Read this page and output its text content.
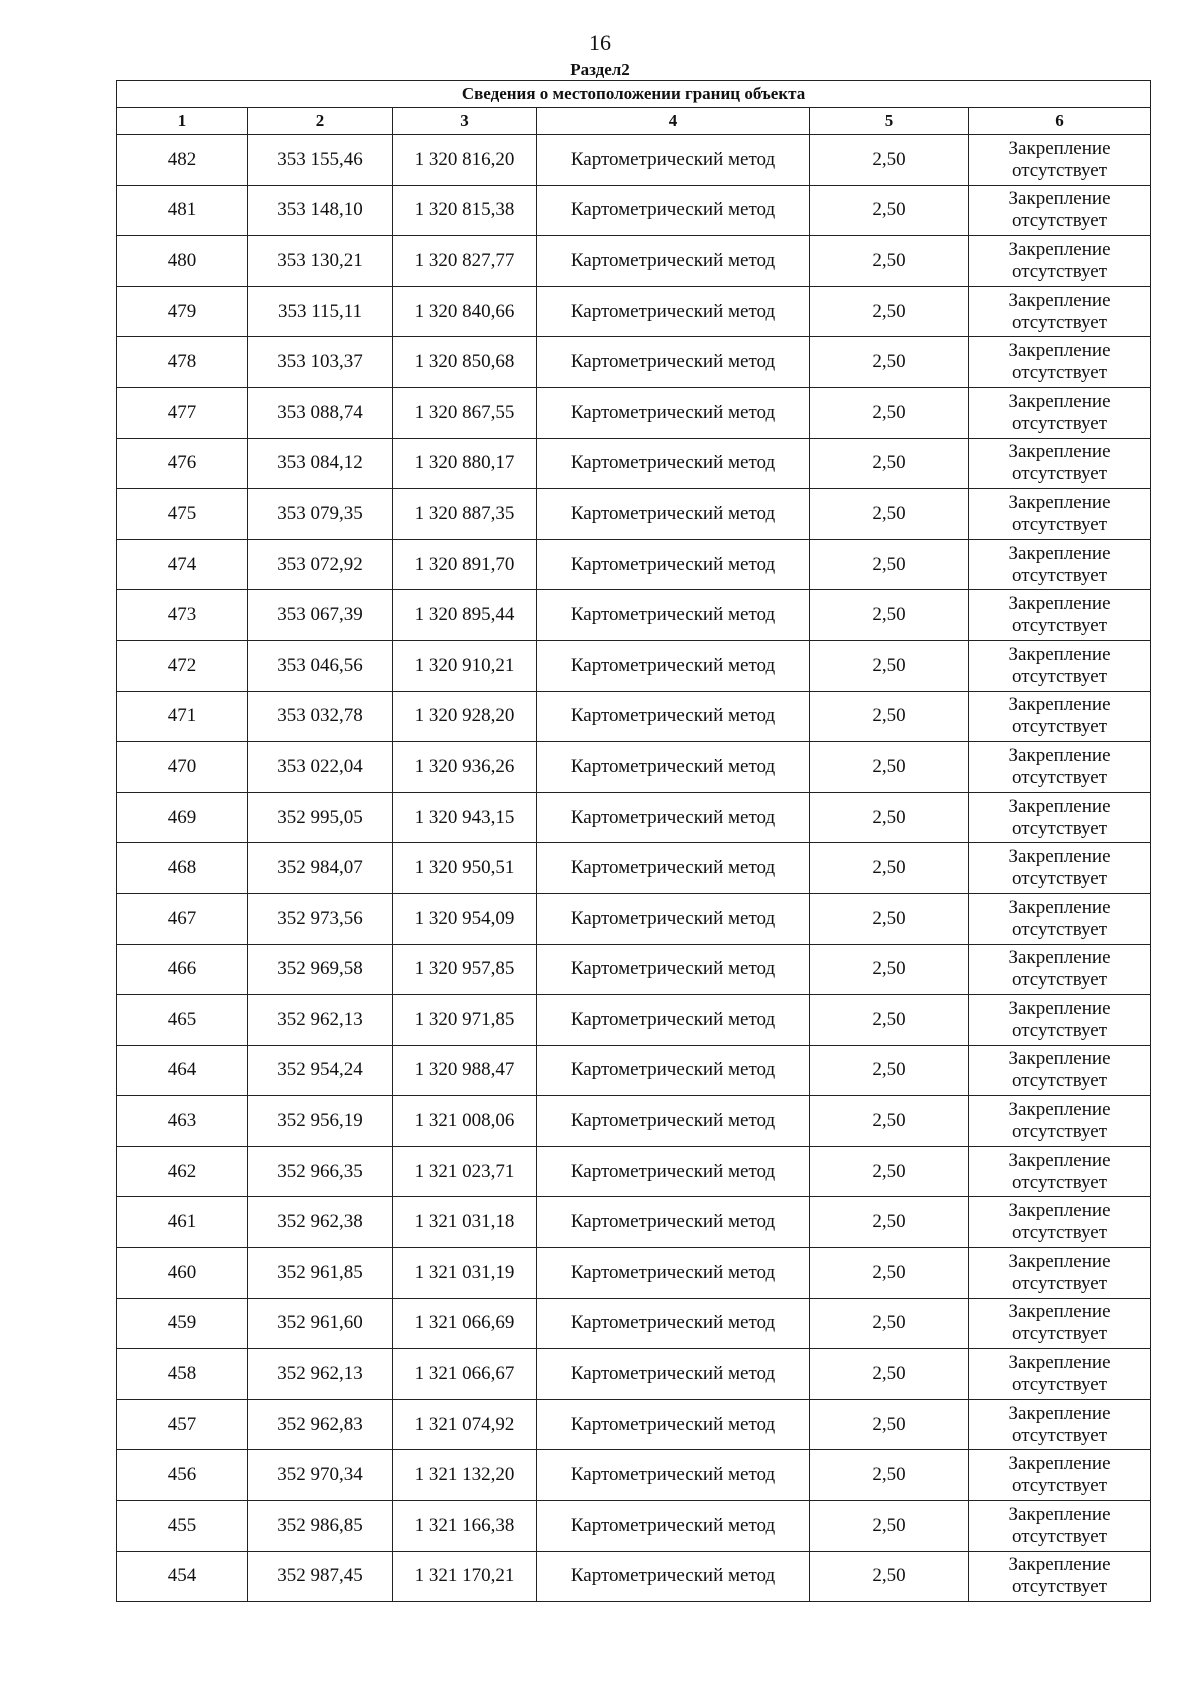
16
Раздел2
Сведения о местоположении границ объекта					
1	2	3	4	5	6
482	353 155,46	1 320 816,20	Картометрический метод	2,50	Закрепление
отсутствует

481	353 148,10	1 320 815,38	Картометрический метод	2,50	Закрепление
отсутствует

480	353 130,21	1 320 827,77	Картометрический метод	2,50	Закрепление
отсутствует

479	353 115,11	1 320 840,66	Картометрический метод	2,50	Закрепление
отсутствует

478	353 103,37	1 320 850,68	Картометрический метод	2,50	Закрепление
отсутствует

477	353 088,74	1 320 867,55	Картометрический метод	2,50	Закрепление
отсутствует

476	353 084,12	1 320 880,17	Картометрический метод	2,50	Закрепление
отсутствует

475	353 079,35	1 320 887,35	Картометрический метод	2,50	Закрепление
отсутствует

474	353 072,92	1 320 891,70	Картометрический метод	2,50	Закрепление
отсутствует

473	353 067,39	1 320 895,44	Картометрический метод	2,50	Закрепление
отсутствует

472	353 046,56	1 320 910,21	Картометрический метод	2,50	Закрепление
отсутствует

471	353 032,78	1 320 928,20	Картометрический метод	2,50	Закрепление
отсутствует

470	353 022,04	1 320 936,26	Картометрический метод	2,50	Закрепление
отсутствует

469	352 995,05	1 320 943,15	Картометрический метод	2,50	Закрепление
отсутствует

468	352 984,07	1 320 950,51	Картометрический метод	2,50	Закрепление
отсутствует

467	352 973,56	1 320 954,09	Картометрический метод	2,50	Закрепление
отсутствует

466	352 969,58	1 320 957,85	Картометрический метод	2,50	Закрепление
отсутствует

465	352 962,13	1 320 971,85	Картометрический метод	2,50	Закрепление
отсутствует

464	352 954,24	1 320 988,47	Картометрический метод	2,50	Закрепление
отсутствует

463	352 956,19	1 321 008,06	Картометрический метод	2,50	Закрепление
отсутствует

462	352 966,35	1 321 023,71	Картометрический метод	2,50	Закрепление
отсутствует

461	352 962,38	1 321 031,18	Картометрический метод	2,50	Закрепление
отсутствует

460	352 961,85	1 321 031,19	Картометрический метод	2,50	Закрепление
отсутствует

459	352 961,60	1 321 066,69	Картометрический метод	2,50	Закрепление
отсутствует

458	352 962,13	1 321 066,67	Картометрический метод	2,50	Закрепление
отсутствует

457	352 962,83	1 321 074,92	Картометрический метод	2,50	Закрепление
отсутствует

456	352 970,34	1 321 132,20	Картометрический метод	2,50	Закрепление
отсутствует

455	352 986,85	1 321 166,38	Картометрический метод	2,50	Закрепление
отсутствует

454	352 987,45	1 321 170,21	Картометрический метод	2,50	Закрепление
отсутствует
